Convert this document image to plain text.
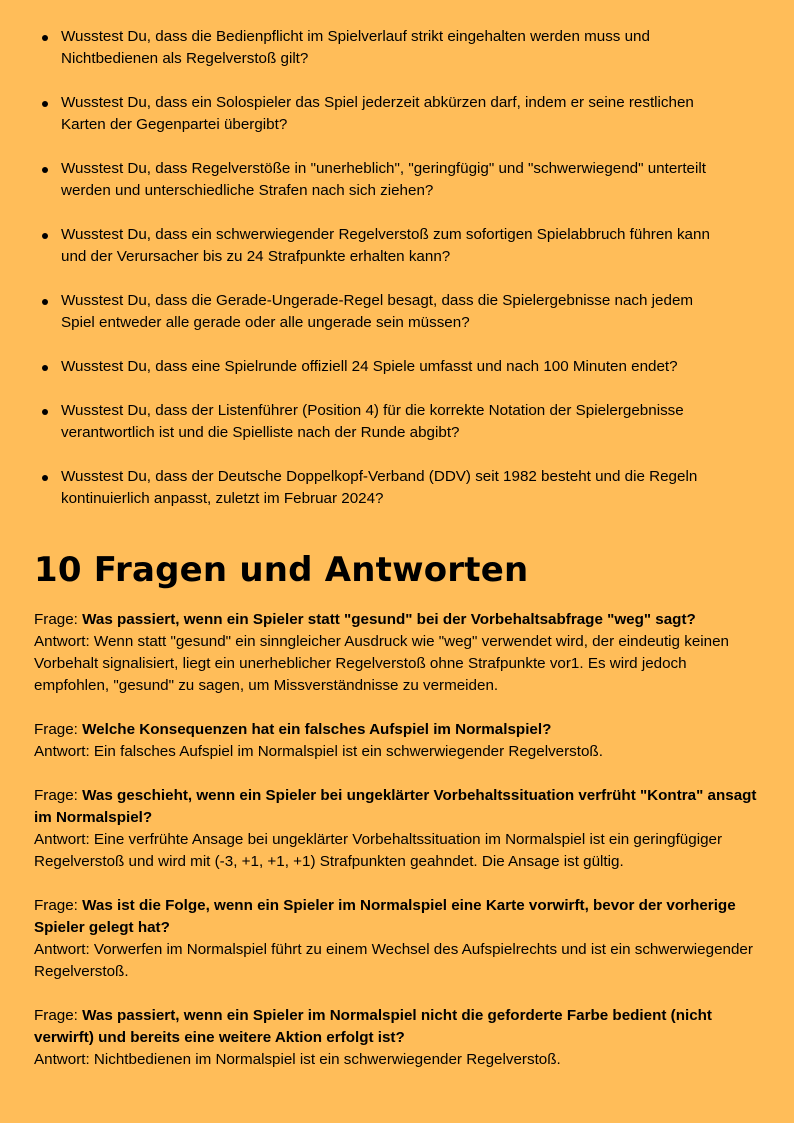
Wusstest Du, dass die Bedienpflicht im Spielverlauf strikt eingehalten werden muss und Nichtbedienen als Regelverstoß gilt?
Wusstest Du, dass ein Solospieler das Spiel jederzeit abkürzen darf, indem er seine restlichen Karten der Gegenpartei übergibt?
Wusstest Du, dass Regelverstöße in "unerheblich", "geringfügig" und "schwerwiegend" unterteilt werden und unterschiedliche Strafen nach sich ziehen?
Wusstest Du, dass ein schwerwiegender Regelverstoß zum sofortigen Spielabbruch führen kann und der Verursacher bis zu 24 Strafpunkte erhalten kann?
Wusstest Du, dass die Gerade-Ungerade-Regel besagt, dass die Spielergebnisse nach jedem Spiel entweder alle gerade oder alle ungerade sein müssen?
Wusstest Du, dass eine Spielrunde offiziell 24 Spiele umfasst und nach 100 Minuten endet?
Wusstest Du, dass der Listenführer (Position 4) für die korrekte Notation der Spielergebnisse verantwortlich ist und die Spielliste nach der Runde abgibt?
Wusstest Du, dass der Deutsche Doppelkopf-Verband (DDV) seit 1982 besteht und die Regeln kontinuierlich anpasst, zuletzt im Februar 2024?
10 Fragen und Antworten

Frage: Was passiert, wenn ein Spieler statt "gesund" bei der Vorbehaltsabfrage "weg" sagt?

Antwort: Wenn statt "gesund" ein sinngleicher Ausdruck wie "weg" verwendet wird, der eindeutig keinen Vorbehalt signalisiert, liegt ein unerheblicher Regelverstoß ohne Strafpunkte vor1. Es wird jedoch empfohlen, "gesund" zu sagen, um Missverständnisse zu vermeiden.

Frage: Welche Konsequenzen hat ein falsches Aufspiel im Normalspiel?

Antwort: Ein falsches Aufspiel im Normalspiel ist ein schwerwiegender Regelverstoß.

Frage: Was geschieht, wenn ein Spieler bei ungeklärter Vorbehaltssituation verfrüht "Kontra" ansagt im Normalspiel?

Antwort: Eine verfrühte Ansage bei ungeklärter Vorbehaltssituation im Normalspiel ist ein geringfügiger Regelverstoß und wird mit (-3, +1, +1, +1) Strafpunkten geahndet. Die Ansage ist gültig.

Frage: Was ist die Folge, wenn ein Spieler im Normalspiel eine Karte vorwirft, bevor der vorherige Spieler gelegt hat?

Antwort: Vorwerfen im Normalspiel führt zu einem Wechsel des Aufspielrechts und ist ein schwerwiegender Regelverstoß.

Frage: Was passiert, wenn ein Spieler im Normalspiel nicht die geforderte Farbe bedient (nicht verwirft) und bereits eine weitere Aktion erfolgt ist?

Antwort: Nichtbedienen im Normalspiel ist ein schwerwiegender Regelverstoß.
